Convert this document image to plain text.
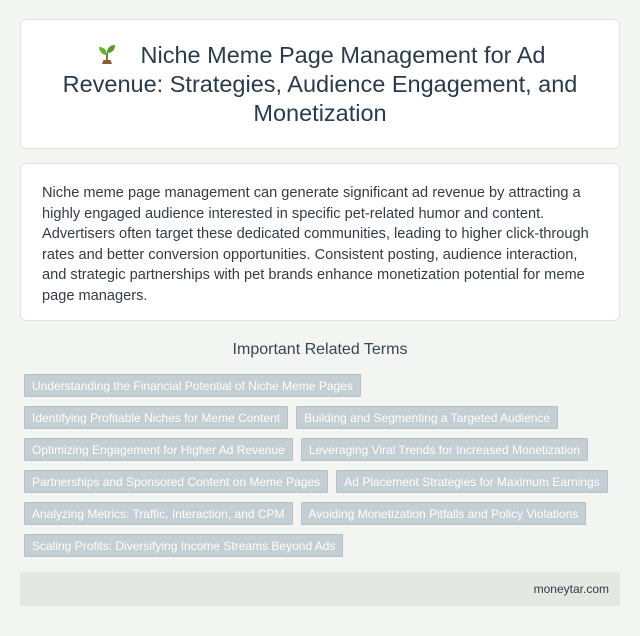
Niche Meme Page Management for Ad Revenue: Strategies, Audience Engagement, and Monetization

Niche meme page management can generate significant ad revenue by attracting a highly engaged audience interested in specific pet-related humor and content. Advertisers often target these dedicated communities, leading to higher click-through rates and better conversion opportunities. Consistent posting, audience interaction, and strategic partnerships with pet brands enhance monetization potential for meme page managers.

Important Related Terms
Understanding the Financial Potential of Niche Meme Pages
Identifying Profitable Niches for Meme Content	Building and Segmenting a Targeted Audience
Optimizing Engagement for Higher Ad Revenue	Leveraging Viral Trends for Increased Monetization
Partnerships and Sponsored Content on Meme Pages	Ad Placement Strategies for Maximum Earnings
Analyzing Metrics: Traffic, Interaction, and CPM	Avoiding Monetization Pitfalls and Policy Violations
Scaling Profits: Diversifying Income Streams Beyond Ads
moneytar.com
